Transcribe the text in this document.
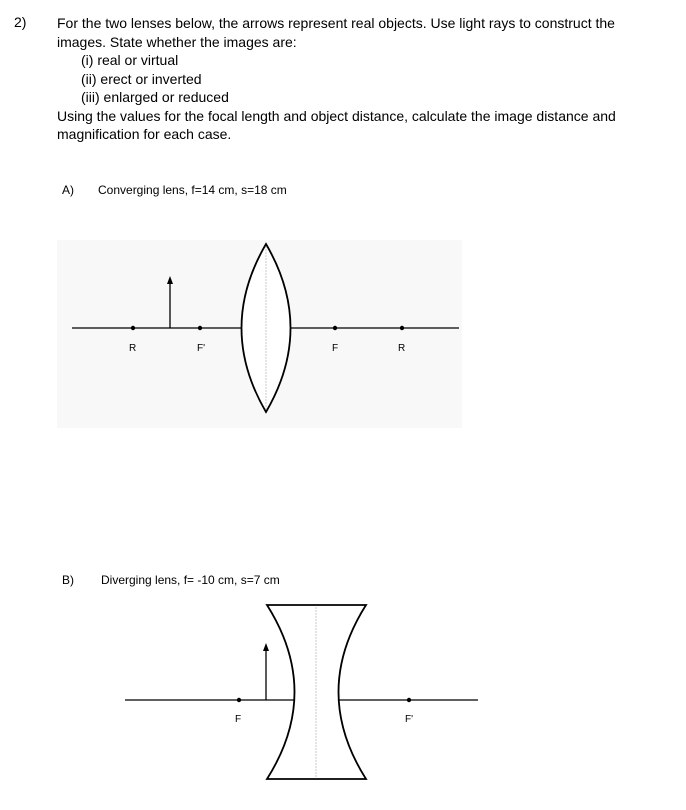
2) For the two lenses below, the arrows represent real objects. Use light rays to construct the
images. State whether the images are:
(i) real or virtual
(ii) erect or inverted
(iii) enlarged or reduced
Using the values for the focal length and object distance, calculate the image distance and
magnification for each case.
A) Converging lens, f=14 cm, s=18 cm
R	F'	F	R
B) Diverging lens, f= -10 cm, s=7 cm
F	F'
